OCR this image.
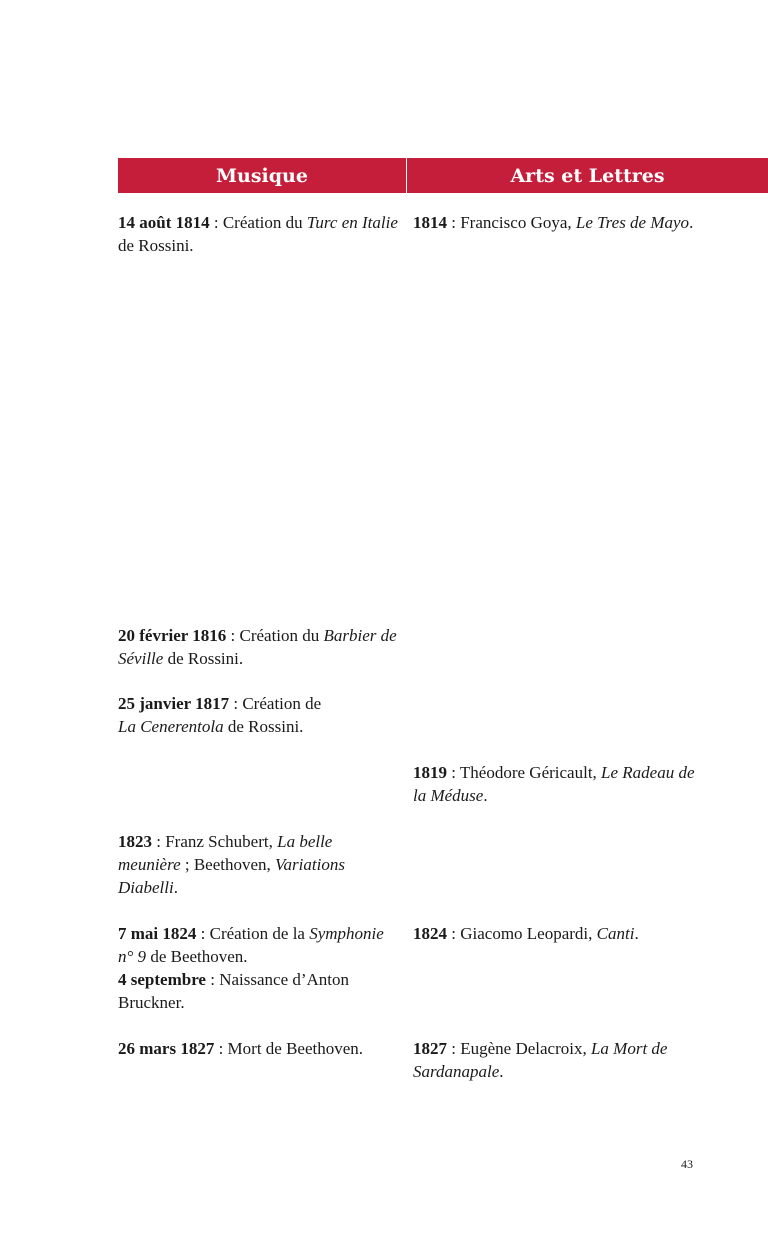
Musique	Arts et Lettres
14 août 1814 : Création du Turc en Italie de Rossini.
20 février 1816 : Création du Barbier de Séville de Rossini.
25 janvier 1817 : Création de
La Cenerentola de Rossini.
1823 : Franz Schubert, La belle meunière ; Beethoven, Variations Diabelli.
7 mai 1824 : Création de la Symphonie n° 9 de Beethoven.
4 septembre : Naissance d’Anton Bruckner.
26 mars 1827 : Mort de Beethoven.
1814 : Francisco Goya, Le Tres de Mayo.
1819 : Théodore Géricault, Le Radeau de la Méduse.
1824 : Giacomo Leopardi, Canti.
1827 : Eugène Delacroix, La Mort de Sardanapale.
43
